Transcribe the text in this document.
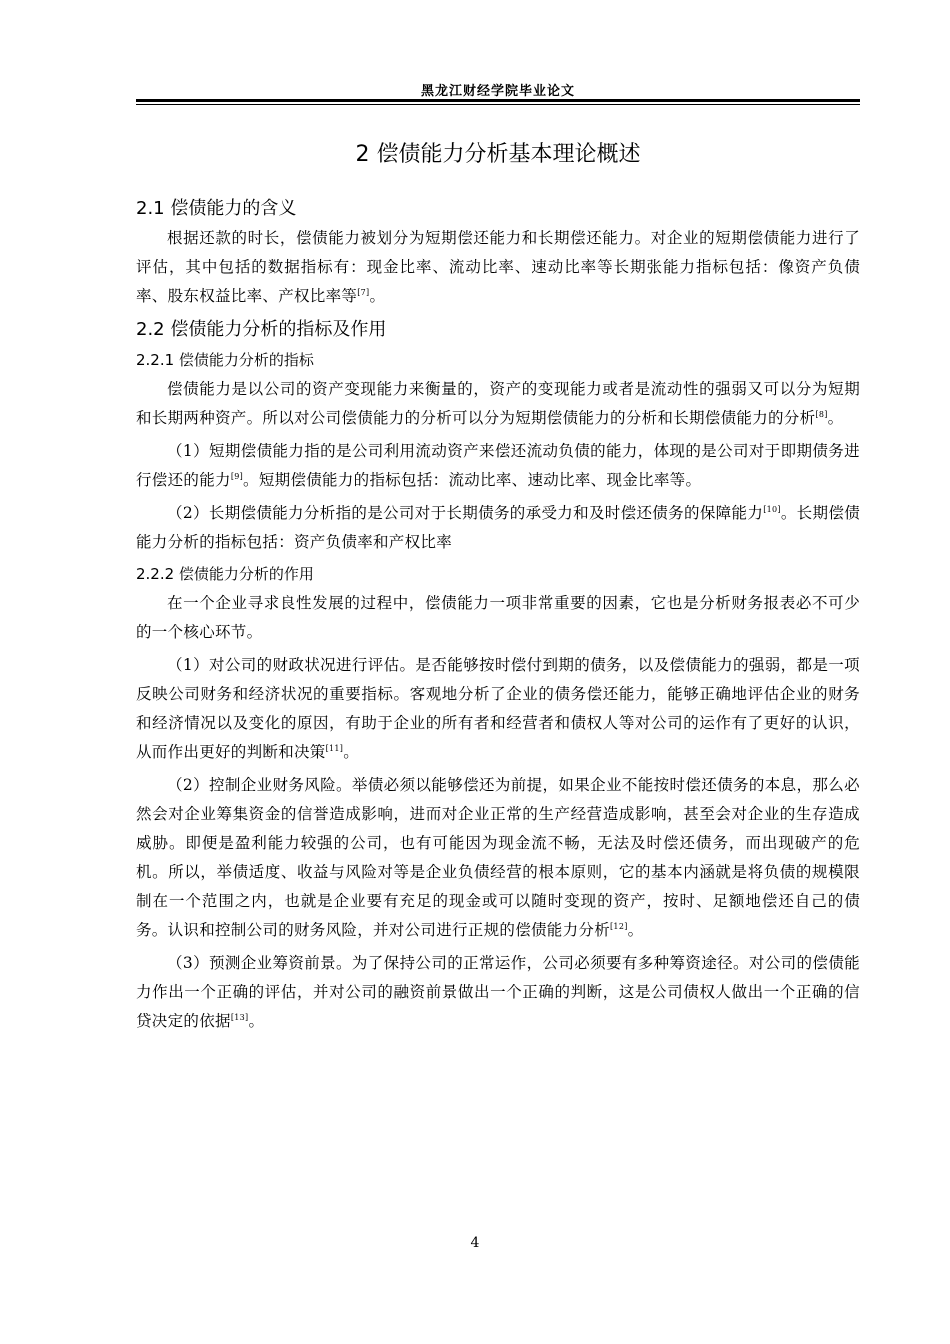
黑龙江财经学院毕业论文
2 偿债能力分析基本理论概述
2.1 偿债能力的含义

根据还款的时长，偿债能力被划分为短期偿还能力和长期偿还能力。对企业的短期偿债能力进行了评估，其中包括的数据指标有：现金比率、流动比率、速动比率等长期张能力指标包括：像资产负债率、股东权益比率、产权比率等[7]。

2.2 偿债能力分析的指标及作用
2.2.1 偿债能力分析的指标

偿债能力是以公司的资产变现能力来衡量的，资产的变现能力或者是流动性的强弱又可以分为短期和长期两种资产。所以对公司偿债能力的分析可以分为短期偿债能力的分析和长期偿债能力的分析[8]。

（1）短期偿债能力指的是公司利用流动资产来偿还流动负债的能力，体现的是公司对于即期债务进行偿还的能力[9]。短期偿债能力的指标包括：流动比率、速动比率、现金比率等。

（2）长期偿债能力分析指的是公司对于长期债务的承受力和及时偿还债务的保障能力[10]。长期偿债能力分析的指标包括：资产负债率和产权比率

2.2.2 偿债能力分析的作用

在一个企业寻求良性发展的过程中，偿债能力一项非常重要的因素，它也是分析财务报表必不可少的一个核心环节。

（1）对公司的财政状况进行评估。是否能够按时偿付到期的债务，以及偿债能力的强弱，都是一项反映公司财务和经济状况的重要指标。客观地分析了企业的债务偿还能力，能够正确地评估企业的财务和经济情况以及变化的原因，有助于企业的所有者和经营者和债权人等对公司的运作有了更好的认识，从而作出更好的判断和决策[11]。

（2）控制企业财务风险。举债必须以能够偿还为前提，如果企业不能按时偿还债务的本息，那么必然会对企业筹集资金的信誉造成影响，进而对企业正常的生产经营造成影响，甚至会对企业的生存造成威胁。即便是盈利能力较强的公司，也有可能因为现金流不畅，无法及时偿还债务，而出现破产的危机。所以，举债适度、收益与风险对等是企业负债经营的根本原则，它的基本内涵就是将负债的规模限制在一个范围之内，也就是企业要有充足的现金或可以随时变现的资产，按时、足额地偿还自己的债务。认识和控制公司的财务风险，并对公司进行正规的偿债能力分析[12]。

（3）预测企业筹资前景。为了保持公司的正常运作，公司必须要有多种筹资途径。对公司的偿债能力作出一个正确的评估，并对公司的融资前景做出一个正确的判断，这是公司债权人做出一个正确的信贷决定的依据[13]。

4
